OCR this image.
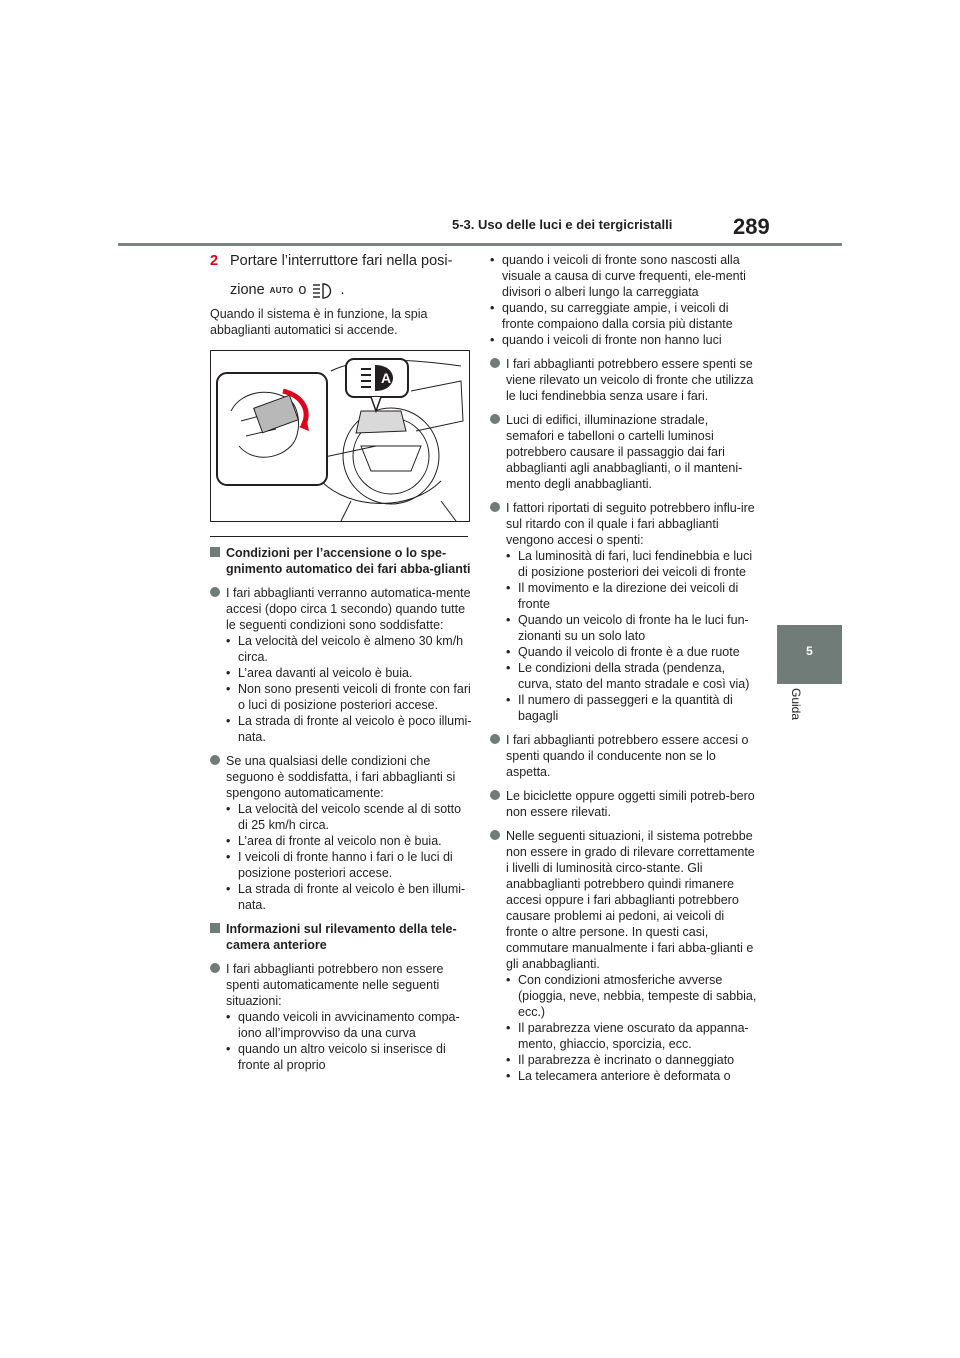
5-3. Uso delle luci e dei tergicristalli	289
5
Guida
2 Portare l’interruttore fari nella posi-
zione AUTO o .
Quando il sistema è in funzione, la spia abbaglianti automatici si accende.
A
Condizioni per l’accensione o lo spe-gnimento automatico dei fari abba-glianti
I fari abbaglianti verranno automatica-mente accesi (dopo circa 1 secondo) quando tutte le seguenti condizioni sono soddisfatte:
• La velocità del veicolo è almeno 30 km/h circa.
• L’area davanti al veicolo è buia.
• Non sono presenti veicoli di fronte con fari o luci di posizione posteriori accese.
• La strada di fronte al veicolo è poco illumi-nata.
Se una qualsiasi delle condizioni che seguono è soddisfatta, i fari abbaglianti si spengono automaticamente:
• La velocità del veicolo scende al di sotto di 25 km/h circa.
• L’area di fronte al veicolo non è buia.
• I veicoli di fronte hanno i fari o le luci di posizione posteriori accese.
• La strada di fronte al veicolo è ben illumi-nata.
Informazioni sul rilevamento della tele-camera anteriore
I fari abbaglianti potrebbero non essere spenti automaticamente nelle seguenti situazioni:
• quando veicoli in avvicinamento compa-iono all’improvviso da una curva
• quando un altro veicolo si inserisce di fronte al proprio
• quando i veicoli di fronte sono nascosti alla visuale a causa di curve frequenti, ele-menti divisori o alberi lungo la carreggiata
• quando, su carreggiate ampie, i veicoli di fronte compaiono dalla corsia più distante
• quando i veicoli di fronte non hanno luci
I fari abbaglianti potrebbero essere spenti se viene rilevato un veicolo di fronte che utilizza le luci fendinebbia senza usare i fari.
Luci di edifici, illuminazione stradale, semafori e tabelloni o cartelli luminosi potrebbero causare il passaggio dai fari abbaglianti agli anabbaglianti, o il manteni-mento degli anabbaglianti.
I fattori riportati di seguito potrebbero influ-ire sul ritardo con il quale i fari abbaglianti vengono accesi o spenti:
• La luminosità di fari, luci fendinebbia e luci di posizione posteriori dei veicoli di fronte
• Il movimento e la direzione dei veicoli di fronte
• Quando un veicolo di fronte ha le luci fun-zionanti su un solo lato
• Quando il veicolo di fronte è a due ruote
• Le condizioni della strada (pendenza, curva, stato del manto stradale e così via)
• Il numero di passeggeri e la quantità di bagagli
I fari abbaglianti potrebbero essere accesi o spenti quando il conducente non se lo aspetta.
Le biciclette oppure oggetti simili potreb-bero non essere rilevati.
Nelle seguenti situazioni, il sistema potrebbe non essere in grado di rilevare correttamente i livelli di luminosità circo-stante. Gli anabbaglianti potrebbero quindi rimanere accesi oppure i fari abbaglianti potrebbero causare problemi ai pedoni, ai veicoli di fronte o altre persone. In questi casi, commutare manualmente i fari abba-glianti e gli anabbaglianti.
• Con condizioni atmosferiche avverse (pioggia, neve, nebbia, tempeste di sabbia, ecc.)
• Il parabrezza viene oscurato da appanna-mento, ghiaccio, sporcizia, ecc.
• Il parabrezza è incrinato o danneggiato
• La telecamera anteriore è deformata o
